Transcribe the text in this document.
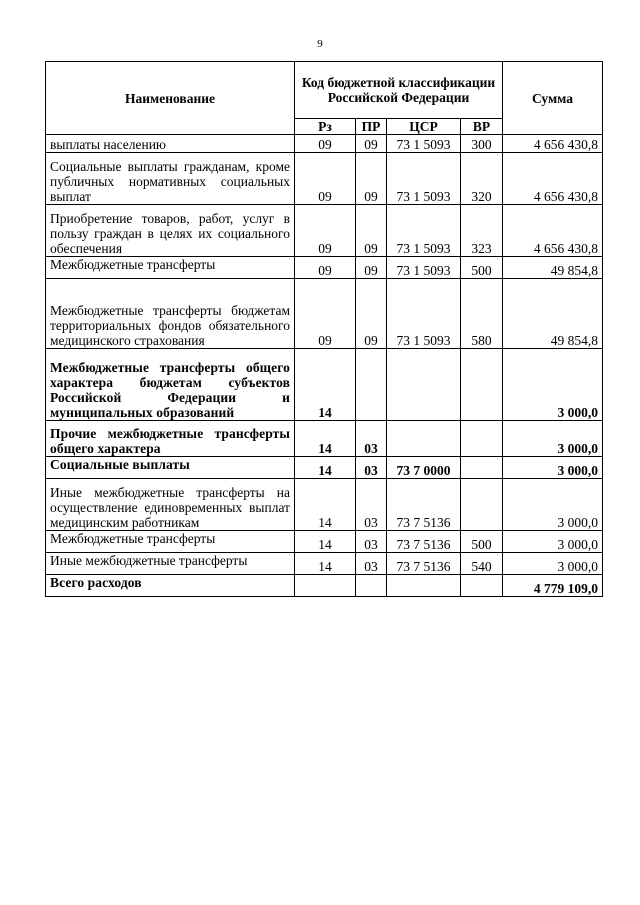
9
Наименование	Код бюджетной классификации Российской Федерации				Сумма
	Рз	ПР	ЦСР	ВР	
выплаты населению	09	09	73 1 5093	300	4 656 430,8
Социальные выплаты гражданам, кроме публичных нормативных социальных выплат	09	09	73 1 5093	320	4 656 430,8
Приобретение товаров, работ, услуг в пользу граждан в целях их социального обеспечения	09	09	73 1 5093	323	4 656 430,8
Межбюджетные трансферты	09	09	73 1 5093	500	49 854,8
Межбюджетные трансферты бюджетам территориальных фондов обязательного медицинского страхования	09	09	73 1 5093	580	49 854,8
Межбюджетные трансферты общего характера бюджетам субъектов Российской Федерации и муниципальных образований	14				3 000,0
Прочие межбюджетные трансферты общего характера	14	03			3 000,0
Социальные выплаты	14	03	73 7 0000		3 000,0
Иные межбюджетные трансферты на осуществление единовременных выплат медицинским работникам	14	03	73 7 5136		3 000,0
Межбюджетные трансферты	14	03	73 7 5136	500	3 000,0
Иные межбюджетные трансферты	14	03	73 7 5136	540	3 000,0
Всего расходов					4 779 109,0
